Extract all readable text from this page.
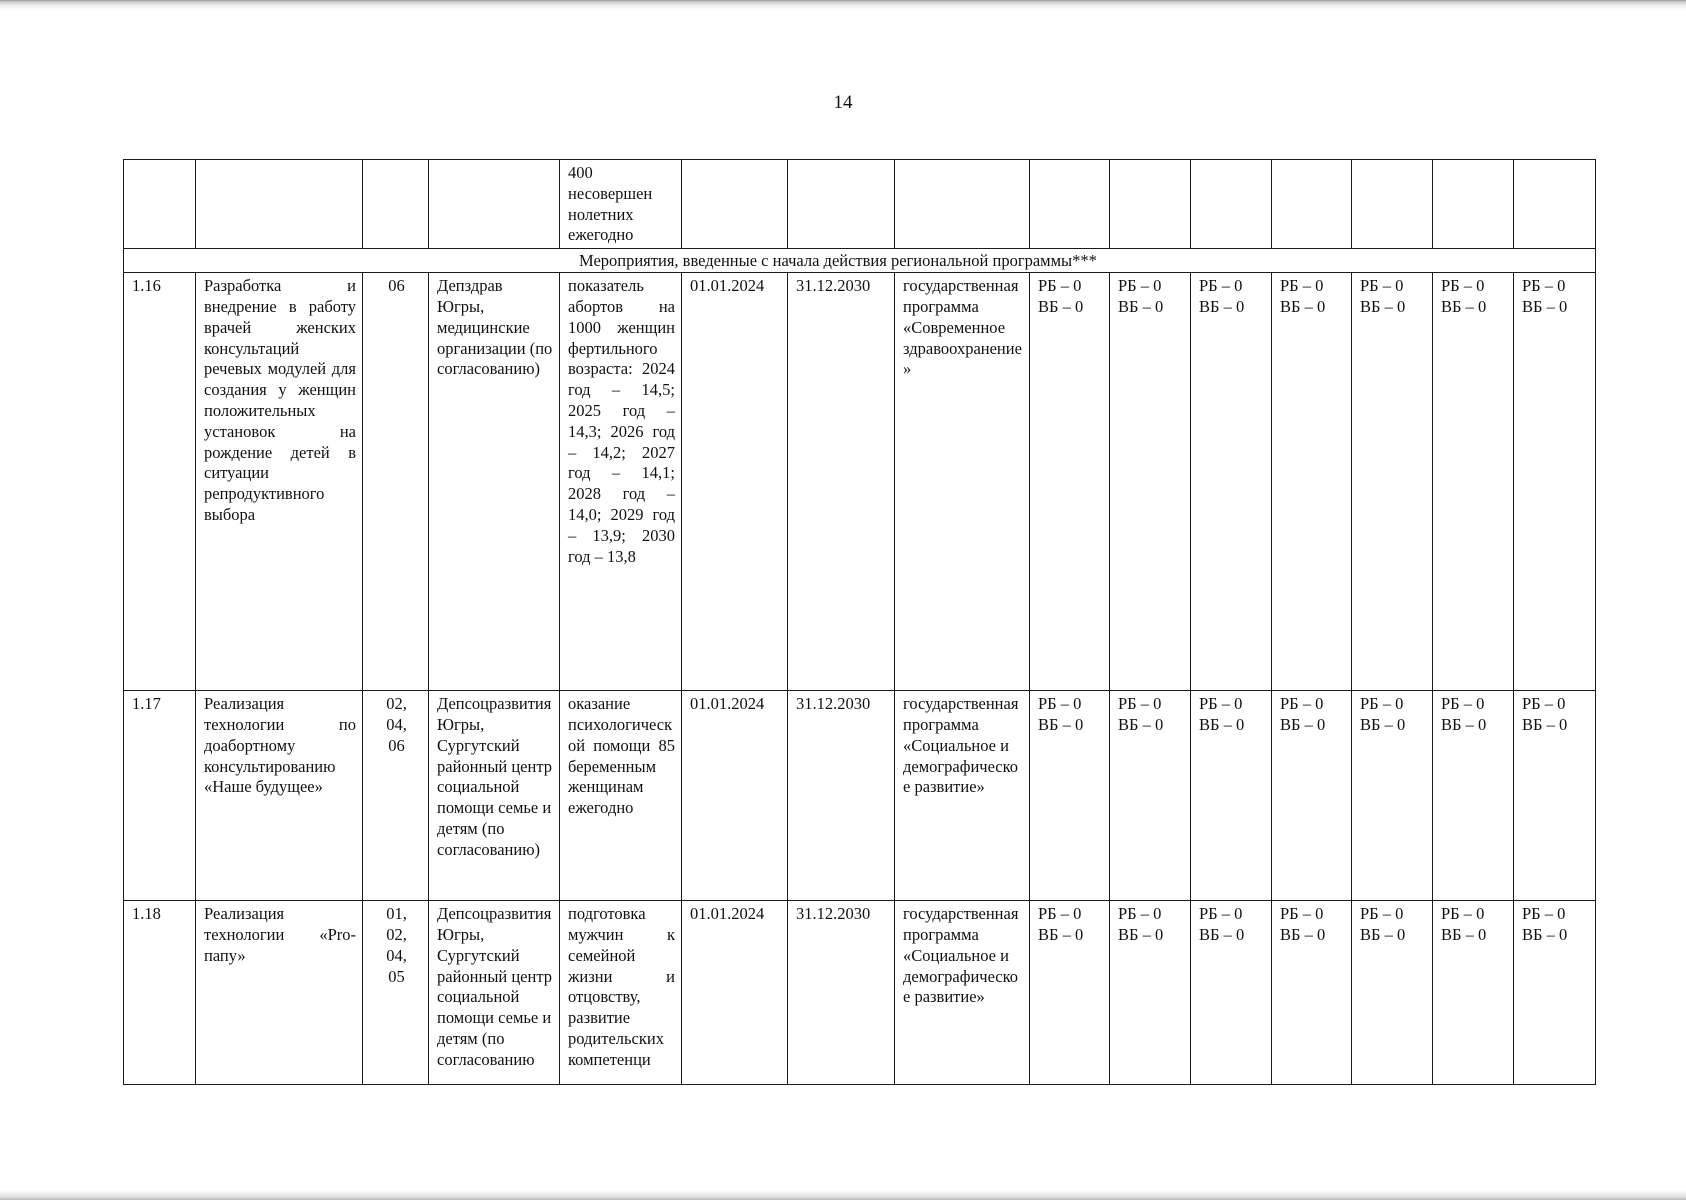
14

				400
несовершен
нолетних
ежегодно										

Мероприятия, введенные с начала действия региональной программы***														

1.16	Разработка и внедрение в работу врачей женских консультаций речевых модулей для создания у женщин положительных установок на рождение детей в ситуации репродуктивного выбора	06	Депздрав Югры, медицинские организации (по согласованию)	показатель абортов на 1000 женщин фертильного возраста: 2024 год – 14,5; 2025 год – 14,3; 2026 год – 14,2; 2027 год – 14,1; 2028 год – 14,0; 2029 год – 13,9; 2030 год – 13,8	01.01.2024	31.12.2030	государственная программа «Современное здравоохранение»	РБ – 0
ВБ – 0	РБ – 0
ВБ – 0	РБ – 0
ВБ – 0	РБ – 0
ВБ – 0	РБ – 0
ВБ – 0	РБ – 0
ВБ – 0	РБ – 0
ВБ – 0

1.17	Реализация технологии по доабортному консультированию «Наше будущее»	02,
04,
06	Депсоцразвития Югры, Сургутский районный центр социальной помощи семье и детям (по согласованию)	оказание психологической помощи 85 беременным женщинам ежегодно	01.01.2024	31.12.2030	государственная программа «Социальное и демографическое развитие»	РБ – 0
ВБ – 0	РБ – 0
ВБ – 0	РБ – 0
ВБ – 0	РБ – 0
ВБ – 0	РБ – 0
ВБ – 0	РБ – 0
ВБ – 0	РБ – 0
ВБ – 0

1.18	Реализация технологии «Pro-папу»	01,
02,
04,
05	Депсоцразвития Югры, Сургутский районный центр социальной помощи семье и детям (по согласованию	подготовка мужчин к семейной жизни и отцовству, развитие родительских компетенци	01.01.2024	31.12.2030	государственная программа «Социальное и демографическое развитие»	РБ – 0
ВБ – 0	РБ – 0
ВБ – 0	РБ – 0
ВБ – 0	РБ – 0
ВБ – 0	РБ – 0
ВБ – 0	РБ – 0
ВБ – 0	РБ – 0
ВБ – 0
